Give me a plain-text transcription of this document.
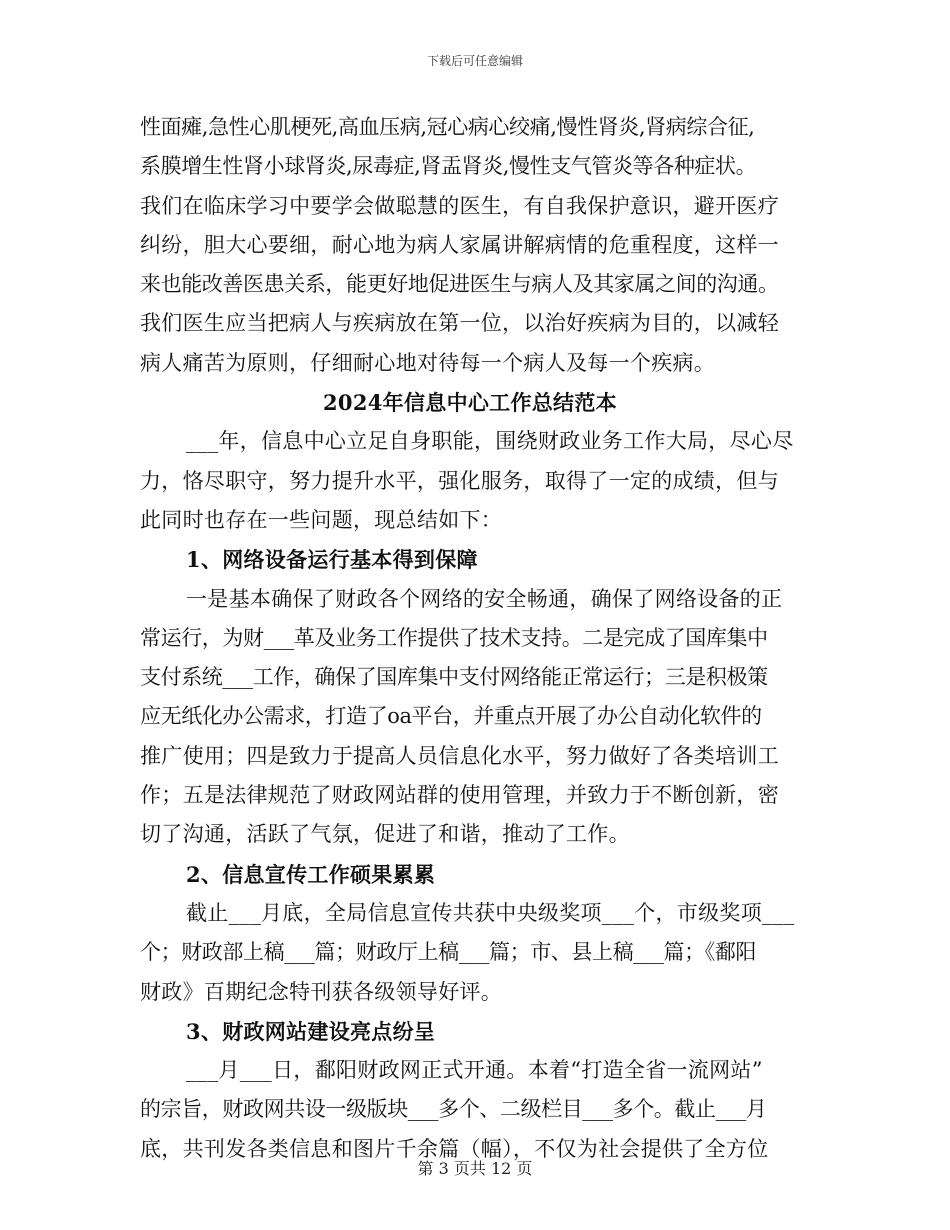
下载后可任意编辑
性面瘫,急性心肌梗死,高血压病,冠心病心绞痛,慢性肾炎,肾病综合征,
系膜增生性肾小球肾炎,尿毒症,肾盂肾炎,慢性支气管炎等各种症状。
我们在临床学习中要学会做聪慧的医生，有自我保护意识，避开医疗
纠纷，胆大心要细，耐心地为病人家属讲解病情的危重程度，这样一
来也能改善医患关系，能更好地促进医生与病人及其家属之间的沟通。
我们医生应当把病人与疾病放在第一位，以治好疾病为目的，以减轻
病人痛苦为原则，仔细耐心地对待每一个病人及每一个疾病。
2024年信息中心工作总结范本
___年，信息中心立足自身职能，围绕财政业务工作大局，尽心尽
力，恪尽职守，努力提升水平，强化服务，取得了一定的成绩，但与
此同时也存在一些问题，现总结如下：
1、网络设备运行基本得到保障
一是基本确保了财政各个网络的安全畅通，确保了网络设备的正
常运行，为财___革及业务工作提供了技术支持。二是完成了国库集中
支付系统___工作，确保了国库集中支付网络能正常运行；三是积极策
应无纸化办公需求，打造了oa平台，并重点开展了办公自动化软件的
推广使用；四是致力于提高人员信息化水平，努力做好了各类培训工
作；五是法律规范了财政网站群的使用管理，并致力于不断创新，密
切了沟通，活跃了气氛，促进了和谐，推动了工作。
2、信息宣传工作硕果累累
截止___月底，全局信息宣传共获中央级奖项___个，市级奖项___
个；财政部上稿___篇；财政厅上稿___篇；市、县上稿___篇；《鄱阳
财政》百期纪念特刊获各级领导好评。
3、财政网站建设亮点纷呈
___月___日，鄱阳财政网正式开通。本着“打造全省一流网站”
的宗旨，财政网共设一级版块___多个、二级栏目___多个。截止___月
底，共刊发各类信息和图片千余篇（幅），不仅为社会提供了全方位
第 3 页共 12 页
